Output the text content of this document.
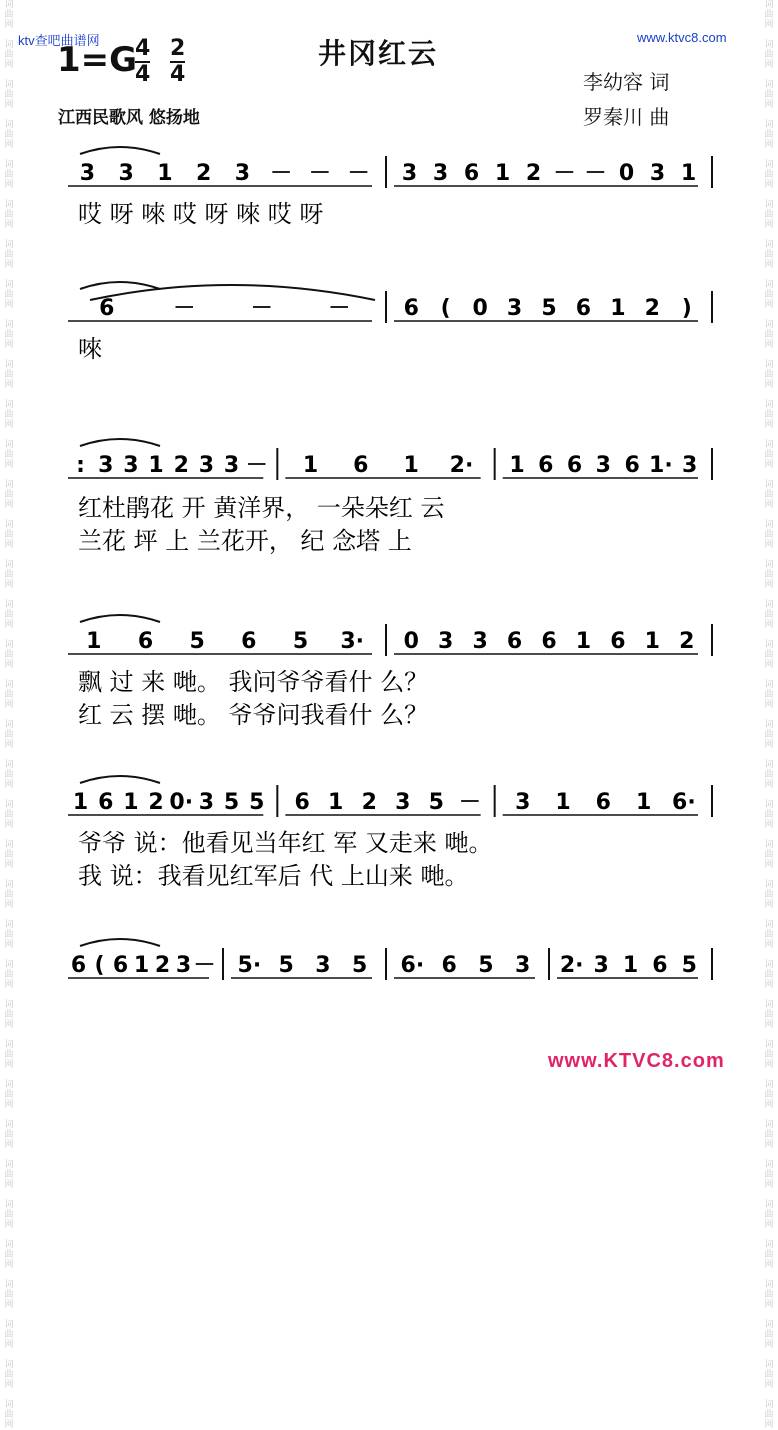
词
曲
网

词
曲
网

词
曲
网

词
曲
网

词
曲
网

词
曲
网

词
曲
网

词
曲
网

词
曲
网

词
曲
网

词
曲
网

词
曲
网

词
曲
网

词
曲
网

词
曲
网

词
曲
网

词
曲
网

词
曲
网

词
曲
网

词
曲
网

词
曲
网

词
曲
网

词
曲
网

词
曲
网

词
曲
网

词
曲
网

词
曲
网

词
曲
网

词
曲
网

词
曲
网

词
曲
网

词
曲
网

词
曲
网

词
曲
网

词
曲
网

词
曲
网

词
曲
网

词
曲
网

词
曲
网

词
曲
网

词
曲
网

词
曲
网

词
曲
网

词
曲
网

词
曲
网

词
曲
网

词
曲
网

词
曲
网

词
曲
网

词
曲
网

词
曲
网

词
曲
网

词
曲
网

词
曲
网

词
曲
网

词
曲
网

词
曲
网

词
曲
网

词
曲
网

词
曲
网

词
曲
网

词
曲
网

词
曲
网

词
曲
网

词
曲
网

词
曲
网

词
曲
网

词
曲
网

词
曲
网

词
曲
网

词
曲
网

词
曲
网

ktv查吧曲谱网	www.ktvc8.com
井冈红云
1=G
4
4
2
4	李幼容 词
罗秦川 曲
江西民歌风 悠扬地
3 3 1 2 3 － － － 3 3 6 1 2 － － 0 3 1
哎 呀 唻 哎 呀 唻 哎 呀
6	－	－	－ 6 ( 0 3 5 6 1 2 )
唻
: 3 3 1 2 3 3 － 1 6 1 2· 1 6 6 3 6 1· 3
红杜鹃花 开 黄洋界， 一朵朵红 云
兰花 坪 上 兰花开， 纪 念塔 上
1 6 5 6 5 3· 0 3 3 6 6 1 6 1 2
飘 过 来 哋。 我问爷爷看什 么？
红 云 摆 哋。 爷爷问我看什 么？
1 6 1 2 0· 3 5 5 6 1 2 3 5 － 3 1 6 1 6·
爷爷 说：他看见当年红 军 又走来 哋。
我 说：我看见红军后 代 上山来 哋。
6 ( 6 1 2 3 － 5· 5 3 5 6· 6 5 3 2· 3 1 6 5
www.KTVC8.com
